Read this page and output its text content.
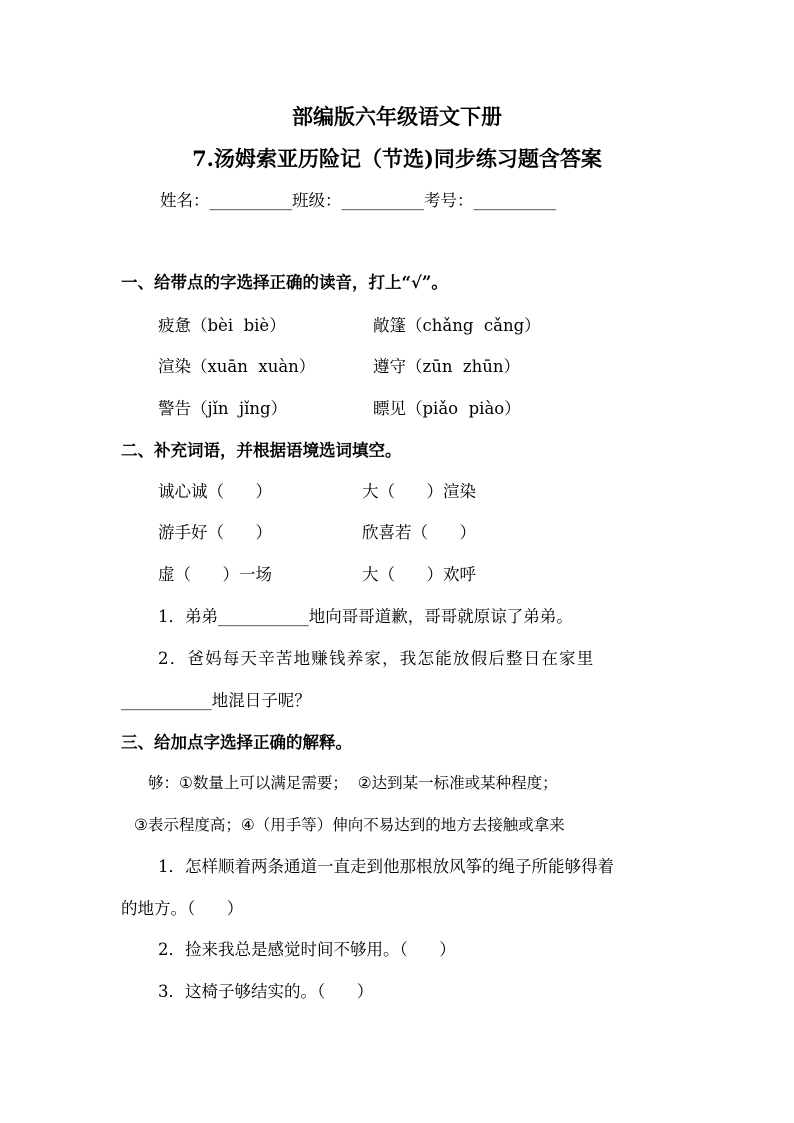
部编版六年级语文下册
7.汤姆索亚历险记（节选)同步练习题含答案
姓名：__________班级：__________考号：__________
一、给带点的字选择正确的读音，打上“√”。
疲惫（bèi  biè）	敞篷（chǎng  cǎng）
渲染（xuān  xuàn）	遵守（zūn  zhūn）
警告（jǐn  jǐng）	瞟见（piǎo  piào）
二、补充词语，并根据语境选词填空。
诚心诚（      ）	大（      ）渲染
游手好（      ）	欣喜若（      ）
虚（      ）一场	大（      ）欢呼
1．弟弟___________地向哥哥道歉，哥哥就原谅了弟弟。
2．爸妈每天辛苦地赚钱养家，我怎能放假后整日在家里
___________地混日子呢？
三、给加点字选择正确的解释。
够：①数量上可以满足需要；  ②达到某一标准或某种程度；
③表示程度高；④（用手等）伸向不易达到的地方去接触或拿来
1．怎样顺着两条通道一直走到他那根放风筝的绳子所能够得着
的地方。（      ）
2．捡来我总是感觉时间不够用。（      ）
3．这椅子够结实的。（      ）
